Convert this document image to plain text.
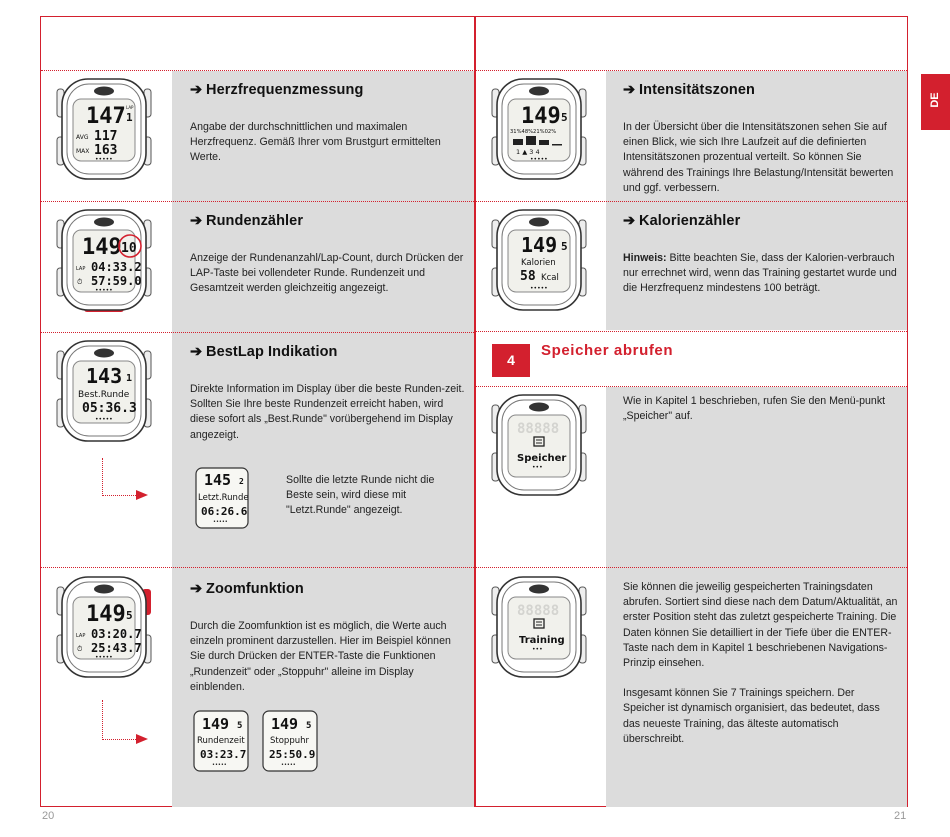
DE
147 LAP
1
AVG 117
MAX 163
•••••
➔ Herzfrequenzmessung

Angabe der durchschnittlichen und maximalen Herzfrequenz. Gemäß Ihrer vom Brustgurt ermittelten Werte.

149 10
LAP 04:33.2
⏱ 57:59.0
•••••
➔ Rundenzähler

Anzeige der Rundenanzahl/Lap-Count, durch Drücken der LAP-Taste bei vollendeter Runde. Rundenzeit und Gesamtzeit werden gleichzeitig angezeigt.

143 1
Best.Runde
05:36.3
•••••
➔ BestLap Indikation

Direkte Information im Display über die beste Runden-zeit. Sollten Sie Ihre beste Rundenzeit erreicht haben, wird diese sofort als „Best.Runde" vorübergehend im Display angezeigt.

145 2
Letzt.Runde
06:26.6
•••••

Sollte die letzte Runde nicht die Beste sein, wird diese mit "Letzt.Runde" angezeigt.

149 5
LAP 03:20.7
⏱ 25:43.7
•••••
➔ Zoomfunktion

Durch die Zoomfunktion ist es möglich, die Werte auch einzeln prominent darzustellen. Hier im Beispiel können Sie durch Drücken der ENTER-Taste die Funktionen „Rundenzeit" oder „Stoppuhr" alleine im Display einblenden.

149 5
Rundenzeit
03:23.7
•••••
149 5
Stoppuhr
25:50.9
•••••
149 5
31%48%21%02%
1 ▲ 3 4
•••••
➔ Intensitätszonen

In der Übersicht über die Intensitätszonen sehen Sie auf einen Blick, wie sich Ihre Laufzeit auf die definierten Intensitätszonen prozentual verteilt. So können Sie während des Trainings Ihre Belastung/Intensität bewerten und ggf. verbessern.

149 5
Kalorien
58 Kcal
•••••
➔ Kalorienzähler

Hinweis: Bitte beachten Sie, dass der Kalorien-verbrauch nur errechnet wird, wenn das Training gestartet wurde und die Herzfrequenz mindestens 100 beträgt.

4
Speicher abrufen
88888
Speicher
•••

Wie in Kapitel 1 beschrieben, rufen Sie den Menü-punkt „Speicher" auf.

88888
Training
•••

Sie können die jeweilig gespeicherten Trainingsdaten abrufen. Sortiert sind diese nach dem Datum/Aktualität, an erster Position steht das zuletzt gespeicherte Training. Die Daten können Sie detailliert in der Tiefe über die ENTER-Taste nach dem in Kapitel 1 beschriebenen Navigations-Prinzip einsehen.

Insgesamt können Sie 7 Trainings speichern. Der Speicher ist dynamisch organisiert, das bedeutet, dass das neueste Training, das älteste automatisch überschreibt.

20	21
